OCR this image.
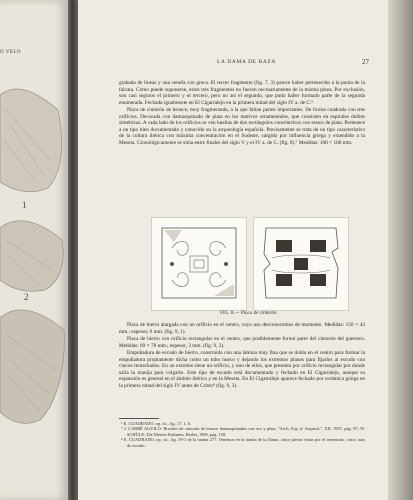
O VELO
1
2
LA DAMA DE BAZA	27

grabada de líneas y una cenefa con greca. El tercer fragmento (fig. 7, 3) parece haber pertenecido a la punta de la falcata. Como puede suponerse, estos tres fragmentos no fueron necesariamente de la misma pieza. Por exclusión, son casi seguros el primero y el tercero, pero no así el segundo, que pudo haber formado parte de la segunda enumerada. Fechada igualmente en El Cigarralejo en la primera mitad del siglo IV a. de C.⁶

Placa de cinturón de bronce, muy fragmentada, a la que faltan partes importantes. De forma cuadrada con tres orificios. Decorada con damasquinado de plata en los motivos ornamentales, que consisten en espirales dobles simétricas. A cada lado de los orificios se ven huellas de dos rectángulos concéntricos con restos de plata. Pertenece a un tipo bien documentado y conocido en la arqueología española. Precisamente se trata de un tipo característico de la cultura ibérica con máxima concentración en el Sudeste, surgido por influencia griega y extendido a la Meseta. Cronológicamente se sitúa entre finales del siglo V y el IV a. de C. (fig. 8).⁷ Medidas: 100 × 100 mm.

FIG. 8.— Placa de cinturón.

Placa de hierro alargada con un orificio en el centro, cuyo uso desconocemos de momento. Medidas: 150 × 43 mm.; espesor, 6 mm. (fig. 9, 1).

Placa de hierro con orificio rectangular en el centro, que posiblemente formó parte del cinturón del guerrero. Medidas: 69 × 78 mm.; espesor, 3 mm. (fig. 9, 2).

Empuñadura de escudo de hierro, construida con una lámina muy fina que se dobla en el centro para formar la empuñadura propiamente dicha como un tubo hueco y dejando los extremos planos para fijarlos al escudo con clavos remachados. En un extremo tiene un orificio, y uno de ellos, que presenta por orificio rectangular por donde salía la manija para colgarlo. Este tipo de escudo está documentado y fechado en El Cigarralejo, aunque su expansión es general en el ámbito ibérico y en la Meseta. En El Cigarralejo aparece fechado por cerámica griega en la primera mitad del siglo IV antes de Cristo⁸ (fig. 9, 3).

⁶ E. CUADRADO, op. cit., fig. 17, 1, 6.

⁷ J. CABRÉ AGUILÓ: Broches de cinturón de bronce damasquinados con oro y plata, "Arch. Esp. d. Arqueol.", XII, 1937, pág. 97; W. SCHÜLE: Die Meseta-Kulturen, Berlín, 1969, pág. 158.

⁸ E. CUADRADO, op. cit., fig. 19-1 de la tumba 277. Tenemos en la tumba de la Dama, cinco piezas vistas por el inventario, cinco asas de escudo.
